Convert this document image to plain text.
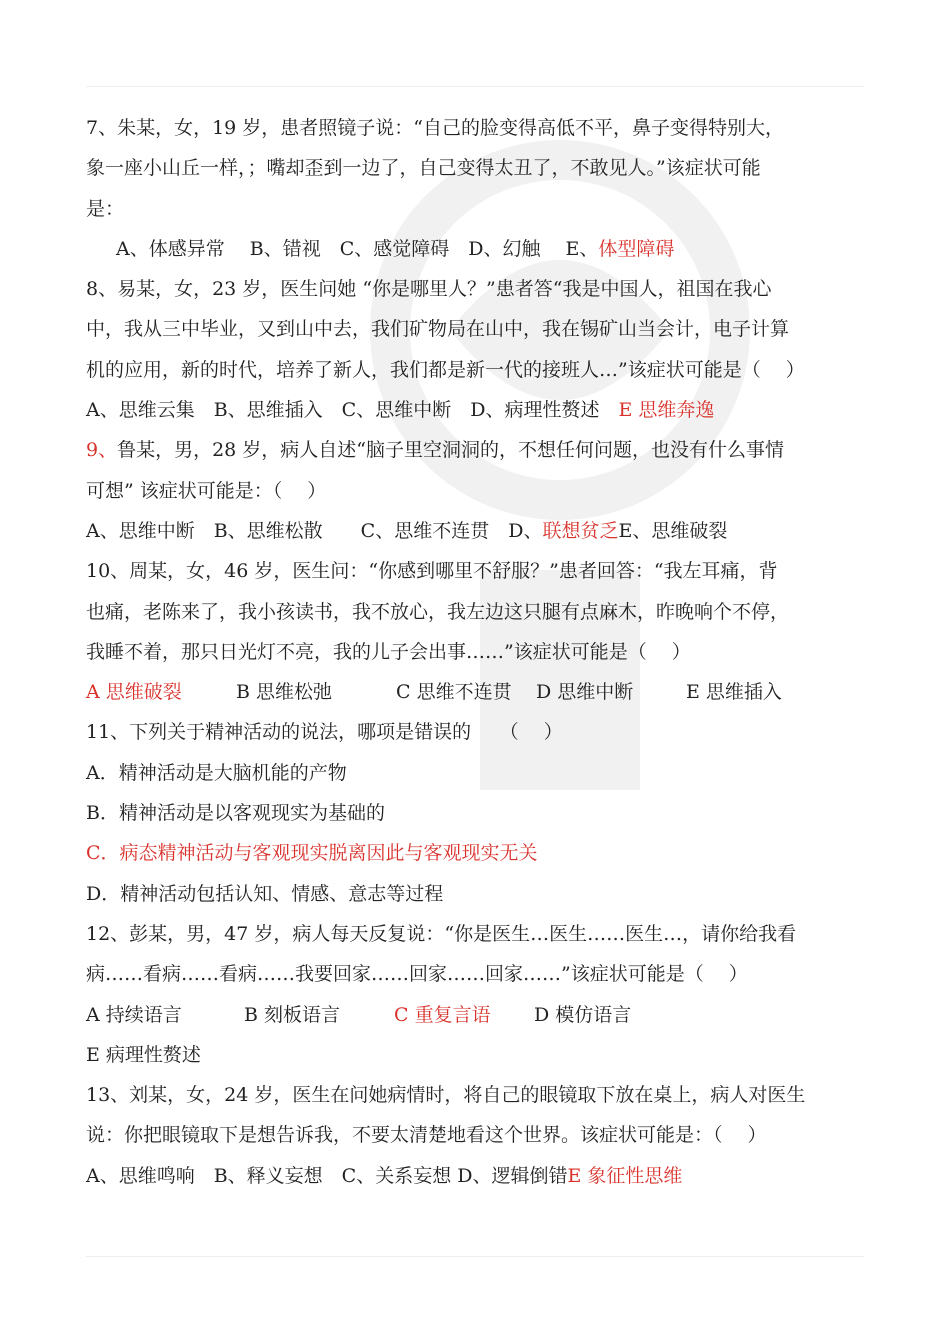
7、朱某，女，19 岁，患者照镜子说：“自己的脸变得高低不平，鼻子变得特别大，
象一座小山丘一样，；嘴却歪到一边了，自己变得太丑了，不敢见人。”该症状可能
是：
A、体感异常　 B、错视　C、感觉障碍　D、幻触　 E、体型障碍
8、易某，女，23 岁，医生问她 “你是哪里人？”患者答“我是中国人，祖国在我心
中，我从三中毕业，又到山中去，我们矿物局在山中，我在锡矿山当会计，电子计算
机的应用，新的时代，培养了新人，我们都是新一代的接班人…”该症状可能是（　 ）
A、思维云集　B、思维插入　C、思维中断　D、病理性赘述　E 思维奔逸
9、鲁某，男，28 岁，病人自述“脑子里空洞洞的，不想任何问题，也没有什么事情
可想” 该症状可能是：（　 ）
A、思维中断　B、思维松散　　C、思维不连贯　D、联想贫乏E、思维破裂
10、周某，女，46 岁，医生问：“你感到哪里不舒服？”患者回答：“我左耳痛，背
也痛，老陈来了，我小孩读书，我不放心，我左边这只腿有点麻木，昨晚响个不停，
我睡不着，那只日光灯不亮，我的儿子会出事……”该症状可能是（　 ）
A 思维破裂	B 思维松弛	C 思维不连贯 D 思维中断	E 思维插入
11、下列关于精神活动的说法，哪项是错误的　　（　 ）
A．精神活动是大脑机能的产物
B．精神活动是以客观现实为基础的
C．病态精神活动与客观现实脱离因此与客观现实无关
D．精神活动包括认知、情感、意志等过程
12、彭某，男，47 岁，病人每天反复说：“你是医生…医生……医生…，请你给我看
病……看病……看病……我要回家……回家……回家……”该症状可能是（　 ）
A 持续语言	B 刻板语言	C 重复言语 D 模仿语言
E 病理性赘述
13、刘某，女，24 岁，医生在问她病情时，将自己的眼镜取下放在桌上，病人对医生
说：你把眼镜取下是想告诉我，不要太清楚地看这个世界。该症状可能是：（　 ）
A、思维鸣响　B、释义妄想　C、关系妄想 D、逻辑倒错E 象征性思维
